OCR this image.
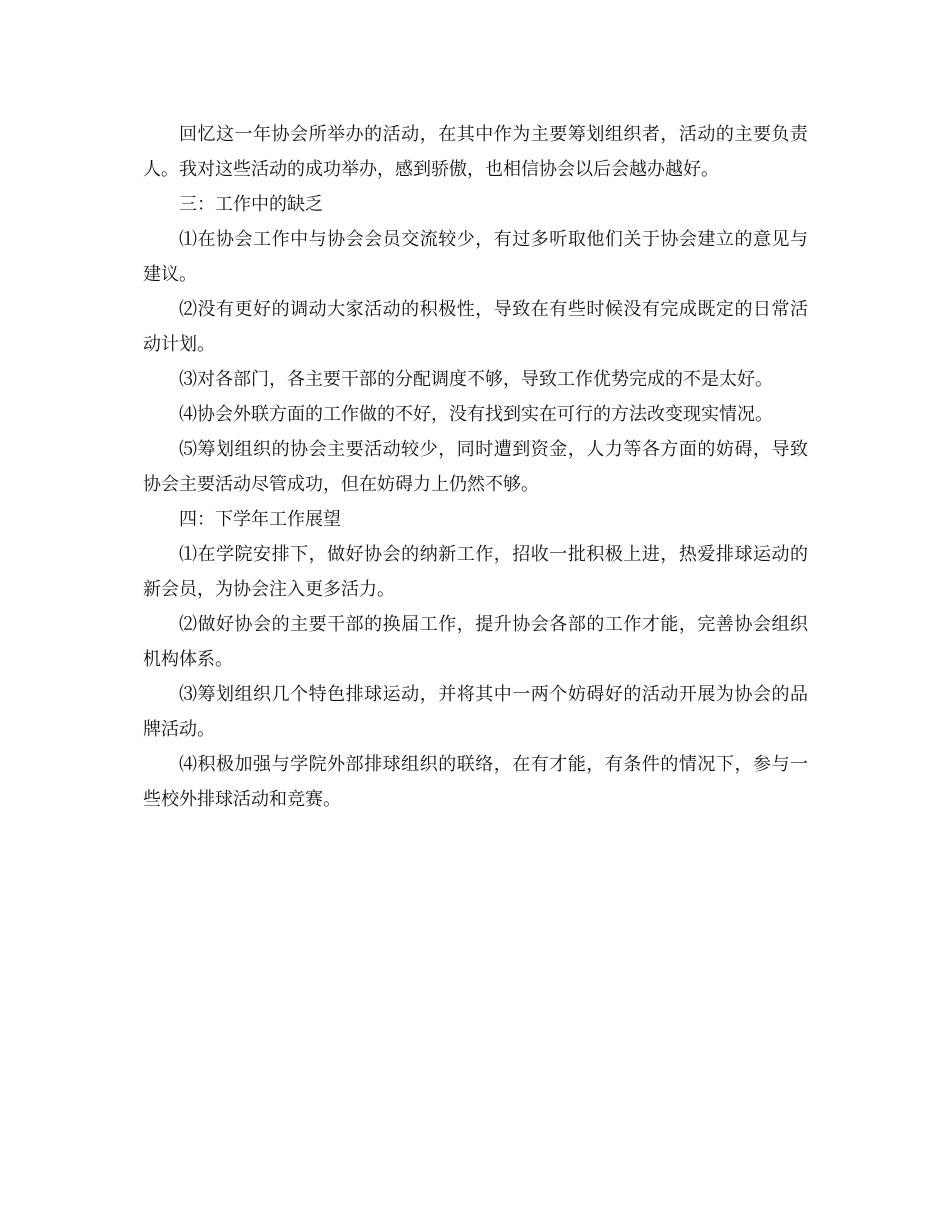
回忆这一年协会所举办的活动，在其中作为主要筹划组织者，活动的主要负责人。我对这些活动的成功举办，感到骄傲，也相信协会以后会越办越好。

三：工作中的缺乏

⑴在协会工作中与协会会员交流较少，有过多听取他们关于协会建立的意见与建议。

⑵没有更好的调动大家活动的积极性，导致在有些时候没有完成既定的日常活动计划。

⑶对各部门，各主要干部的分配调度不够，导致工作优势完成的不是太好。

⑷协会外联方面的工作做的不好，没有找到实在可行的方法改变现实情况。

⑸筹划组织的协会主要活动较少，同时遭到资金，人力等各方面的妨碍，导致协会主要活动尽管成功，但在妨碍力上仍然不够。

四：下学年工作展望

⑴在学院安排下，做好协会的纳新工作，招收一批积极上进，热爱排球运动的新会员，为协会注入更多活力。

⑵做好协会的主要干部的换届工作，提升协会各部的工作才能，完善协会组织机构体系。

⑶筹划组织几个特色排球运动，并将其中一两个妨碍好的活动开展为协会的品牌活动。

⑷积极加强与学院外部排球组织的联络，在有才能，有条件的情况下，参与一些校外排球活动和竞赛。
